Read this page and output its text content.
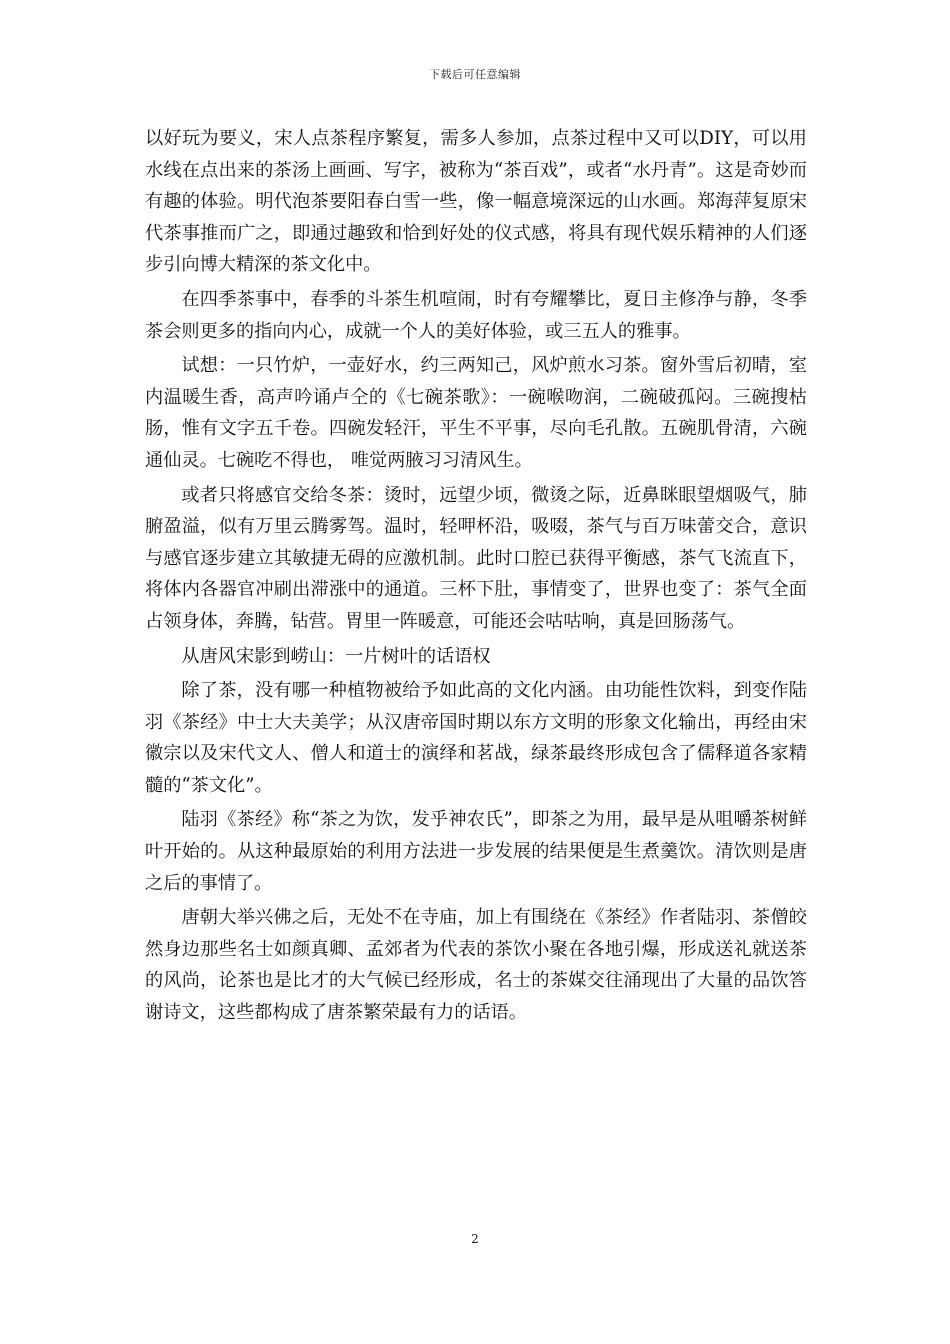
下载后可任意编辑

以好玩为要义，宋人点茶程序繁复，需多人参加，点茶过程中又可以DIY，可以用水线在点出来的茶汤上画画、写字，被称为“茶百戏”，或者“水丹青”。这是奇妙而有趣的体验。明代泡茶要阳春白雪一些，像一幅意境深远的山水画。郑海萍复原宋代茶事推而广之，即通过趣致和恰到好处的仪式感，将具有现代娱乐精神的人们逐步引向博大精深的茶文化中。

在四季茶事中，春季的斗茶生机喧闹，时有夸耀攀比，夏日主修净与静，冬季茶会则更多的指向内心，成就一个人的美好体验，或三五人的雅事。

试想：一只竹炉，一壶好水，约三两知己，风炉煎水习茶。窗外雪后初晴，室内温暖生香，高声吟诵卢仝的《七碗茶歌》：一碗喉吻润，二碗破孤闷。三碗搜枯肠，惟有文字五千卷。四碗发轻汗，平生不平事，尽向毛孔散。五碗肌骨清，六碗通仙灵。七碗吃不得也， 唯觉两腋习习清风生。

或者只将感官交给冬茶：烫时，远望少顷，微烫之际，近鼻眯眼望烟吸气，肺腑盈溢，似有万里云腾雾驾。温时，轻呷杯沿，吸啜，茶气与百万味蕾交合，意识与感官逐步建立其敏捷无碍的应激机制。此时口腔已获得平衡感，茶气飞流直下，将体内各器官冲刷出滞涨中的通道。三杯下肚，事情变了，世界也变了：茶气全面占领身体，奔腾，钻营。胃里一阵暖意，可能还会咕咕响，真是回肠荡气。

从唐风宋影到崂山：一片树叶的话语权

除了茶，没有哪一种植物被给予如此高的文化内涵。由功能性饮料，到变作陆羽《茶经》中士大夫美学；从汉唐帝国时期以东方文明的形象文化输出，再经由宋徽宗以及宋代文人、僧人和道士的演绎和茗战，绿茶最终形成包含了儒释道各家精髓的“茶文化”。

陆羽《茶经》称“茶之为饮，发乎神农氏”，即茶之为用，最早是从咀嚼茶树鲜叶开始的。从这种最原始的利用方法进一步发展的结果便是生煮羹饮。清饮则是唐之后的事情了。

唐朝大举兴佛之后，无处不在寺庙，加上有围绕在《茶经》作者陆羽、茶僧皎然身边那些名士如颜真卿、孟郊者为代表的茶饮小聚在各地引爆，形成送礼就送茶的风尚，论茶也是比才的大气候已经形成，名士的茶媒交往涌现出了大量的品饮答谢诗文，这些都构成了唐茶繁荣最有力的话语。

2
